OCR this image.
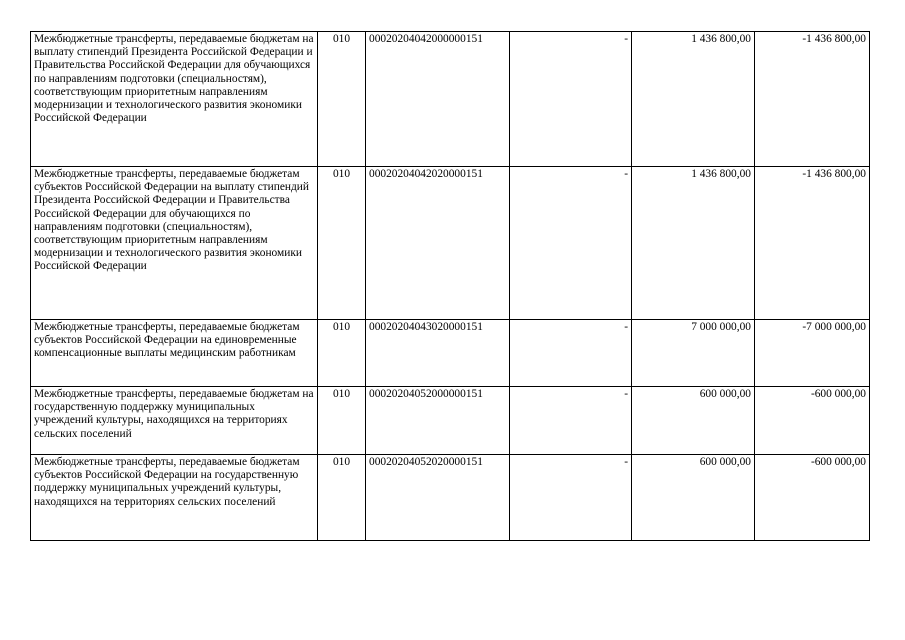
Межбюджетные трансферты, передаваемые бюджетам на выплату стипендий Президента Российской Федерации и Правительства Российской Федерации для обучающихся по направлениям подготовки (специальностям), соответствующим приоритетным направлениям модернизации и технологического развития экономики Российской Федерации	010	00020204042000000151	-	1 436 800,00	-1 436 800,00
Межбюджетные трансферты, передаваемые бюджетам субъектов Российской Федерации на выплату стипендий Президента Российской Федерации и Правительства Российской Федерации для обучающихся по направлениям подготовки (специальностям), соответствующим приоритетным направлениям модернизации и технологического развития экономики Российской Федерации	010	00020204042020000151	-	1 436 800,00	-1 436 800,00
Межбюджетные трансферты, передаваемые бюджетам субъектов Российской Федерации на единовременные компенсационные выплаты медицинским работникам	010	00020204043020000151	-	7 000 000,00	-7 000 000,00
Межбюджетные трансферты, передаваемые бюджетам на государственную поддержку муниципальных учреждений культуры, находящихся на территориях сельских поселений	010	00020204052000000151	-	600 000,00	-600 000,00
Межбюджетные трансферты, передаваемые бюджетам субъектов Российской Федерации на государственную поддержку муниципальных учреждений культуры, находящихся на территориях сельских поселений	010	00020204052020000151	-	600 000,00	-600 000,00
